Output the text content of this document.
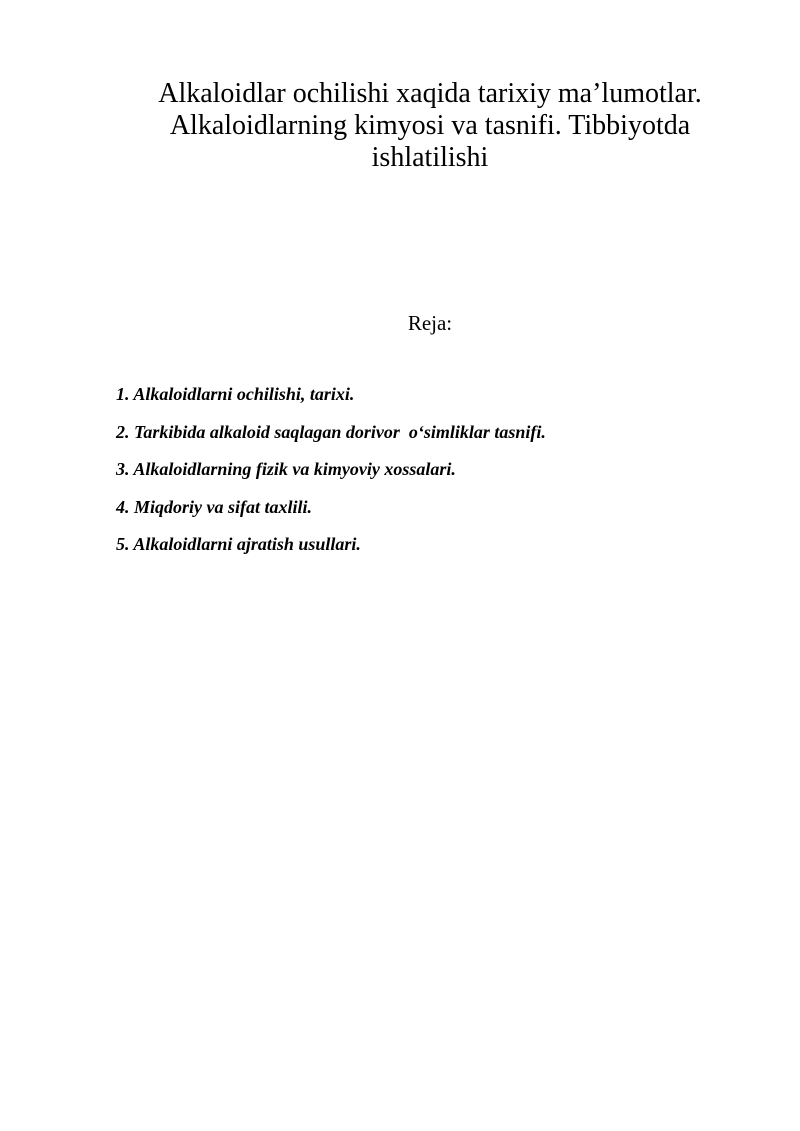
Alkaloidlar ochilishi xaqida tarixiy ma’lumotlar.
Alkaloidlarning kimyosi va tasnifi. Tibbiyotda
ishlatilishi

Reja:

1. Alkaloidlarni ochilishi, tarixi.
2. Tarkibida alkaloid saqlagan dorivor  o‘simliklar tasnifi.
3. Alkaloidlarning fizik va kimyoviy xossalari.
4. Miqdoriy va sifat taxlili.
5. Alkaloidlarni ajratish usullari.
